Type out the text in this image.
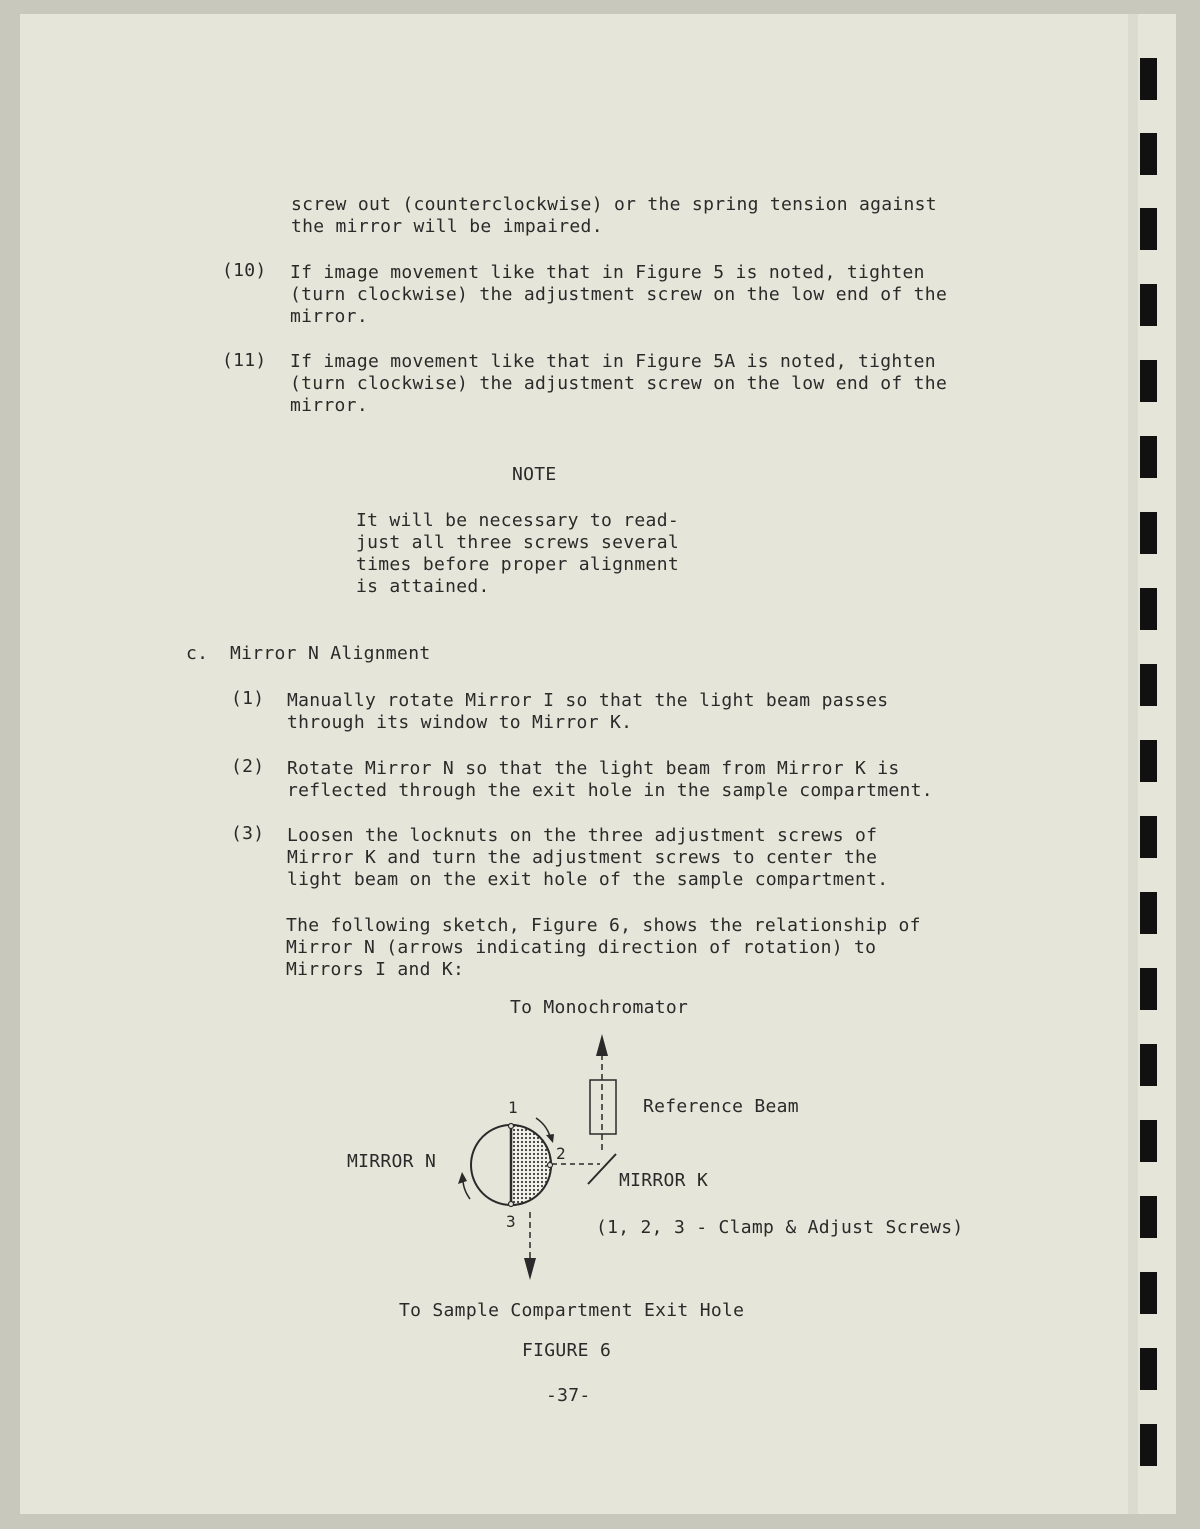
screw out (counterclockwise) or the spring tension against
the mirror will be impaired.
(10) If image movement like that in Figure 5 is noted, tighten
(turn clockwise) the adjustment screw on the low end of the
mirror.
(11) If image movement like that in Figure 5A is noted, tighten
(turn clockwise) the adjustment screw on the low end of the
mirror.
NOTE
It will be necessary to read-
just all three screws several
times before proper alignment
is attained.
c. Mirror N Alignment
(1) Manually rotate Mirror I so that the light beam passes
through its window to Mirror K.
(2) Rotate Mirror N so that the light beam from Mirror K is
reflected through the exit hole in the sample compartment.
(3) Loosen the locknuts on the three adjustment screws of
Mirror K and turn the adjustment screws to center the
light beam on the exit hole of the sample compartment.
The following sketch, Figure 6, shows the relationship of
Mirror N (arrows indicating direction of rotation) to
Mirrors I and K:
To Monochromator
Reference Beam
MIRROR N
MIRROR K
1
2
3	(1, 2, 3 - Clamp & Adjust Screws)
To Sample Compartment Exit Hole
FIGURE 6
-37-
